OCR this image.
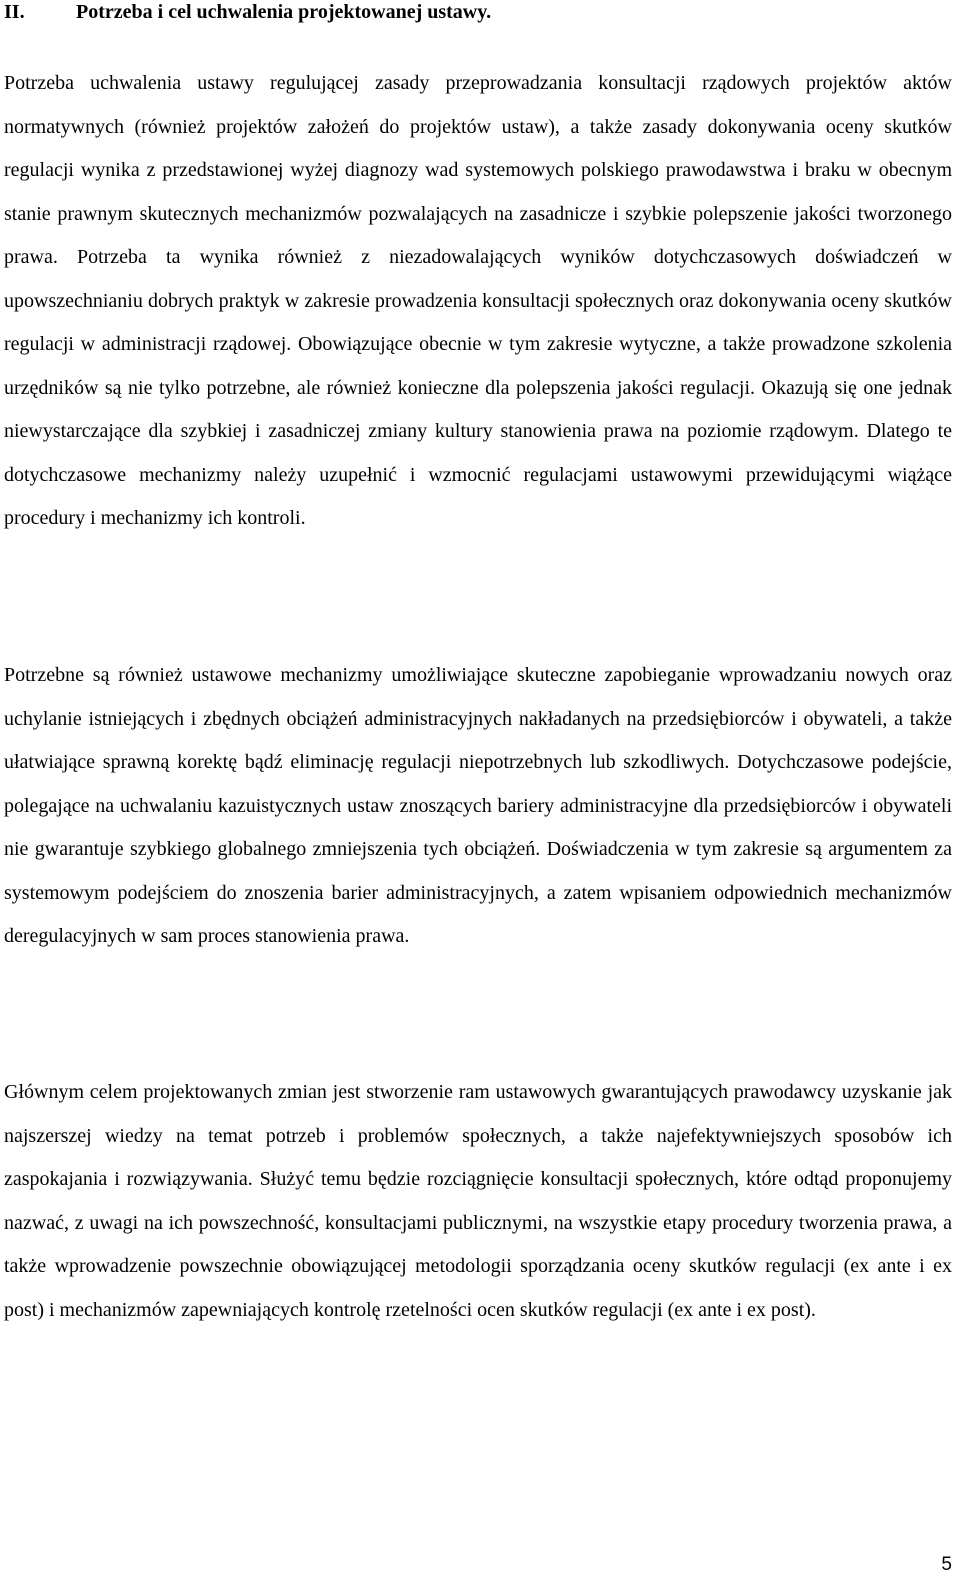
II.	Potrzeba i cel uchwalenia projektowanej ustawy.

Potrzeba uchwalenia ustawy regulującej zasady przeprowadzania konsultacji rządowych projektów aktów normatywnych (również projektów założeń do projektów ustaw), a także zasady dokonywania oceny skutków regulacji wynika z przedstawionej wyżej diagnozy wad systemowych polskiego prawodawstwa i braku w obecnym stanie prawnym skutecznych mechanizmów pozwalających na zasadnicze i szybkie polepszenie jakości tworzonego prawa. Potrzeba ta wynika również z niezadowalających wyników dotychczasowych doświadczeń w upowszechnianiu dobrych praktyk w zakresie prowadzenia konsultacji społecznych oraz dokonywania oceny skutków regulacji w administracji rządowej. Obowiązujące obecnie w tym zakresie wytyczne, a także prowadzone szkolenia urzędników są nie tylko potrzebne, ale również konieczne dla polepszenia jakości regulacji. Okazują się one jednak niewystarczające dla szybkiej i zasadniczej zmiany kultury stanowienia prawa na poziomie rządowym. Dlatego te dotychczasowe mechanizmy należy uzupełnić i wzmocnić regulacjami ustawowymi przewidującymi wiążące procedury i mechanizmy ich kontroli.

Potrzebne są również ustawowe mechanizmy umożliwiające skuteczne zapobieganie wprowadzaniu nowych oraz uchylanie istniejących i zbędnych obciążeń administracyjnych nakładanych na przedsiębiorców i obywateli, a także ułatwiające sprawną korektę bądź eliminację regulacji niepotrzebnych lub szkodliwych. Dotychczasowe podejście, polegające na uchwalaniu kazuistycznych ustaw znoszących bariery administracyjne dla przedsiębiorców i obywateli nie gwarantuje szybkiego globalnego zmniejszenia tych obciążeń. Doświadczenia w tym zakresie są argumentem za systemowym podejściem do znoszenia barier administracyjnych, a zatem wpisaniem odpowiednich mechanizmów deregulacyjnych w sam proces stanowienia prawa.

Głównym celem projektowanych zmian jest stworzenie ram ustawowych gwarantujących prawodawcy uzyskanie jak najszerszej wiedzy na temat potrzeb i problemów społecznych, a także najefektywniejszych sposobów ich zaspokajania i rozwiązywania. Służyć temu będzie rozciągnięcie konsultacji społecznych, które odtąd proponujemy nazwać, z uwagi na ich powszechność, konsultacjami publicznymi, na wszystkie etapy procedury tworzenia prawa, a także wprowadzenie powszechnie obowiązującej metodologii sporządzania oceny skutków regulacji (ex ante i ex post) i mechanizmów zapewniających kontrolę rzetelności ocen skutków regulacji (ex ante i ex post).

5
